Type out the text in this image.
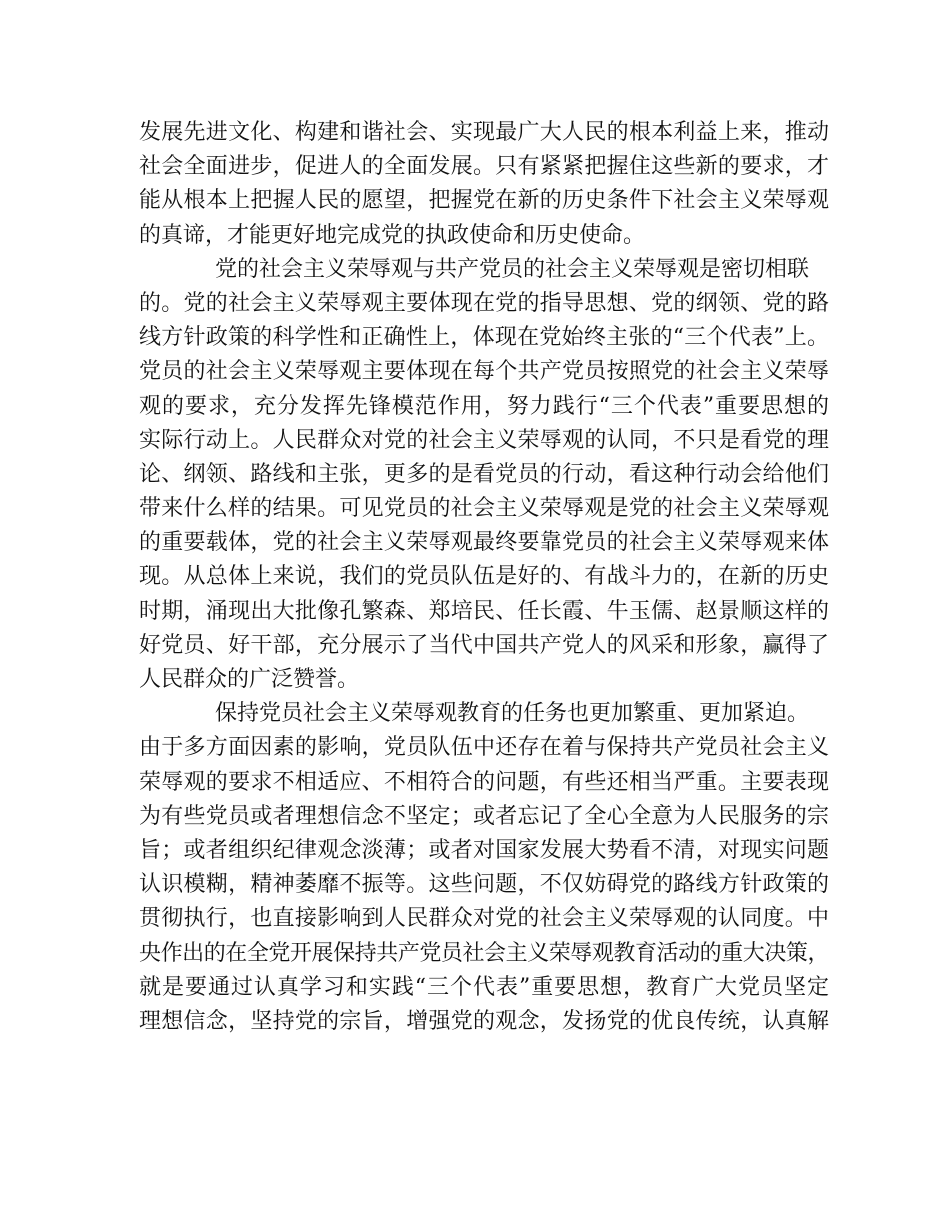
发展先进文化、构建和谐社会、实现最广大人民的根本利益上来，推动
社会全面进步，促进人的全面发展。只有紧紧把握住这些新的要求，才
能从根本上把握人民的愿望，把握党在新的历史条件下社会主义荣辱观
的真谛，才能更好地完成党的执政使命和历史使命。
党的社会主义荣辱观与共产党员的社会主义荣辱观是密切相联
的。党的社会主义荣辱观主要体现在党的指导思想、党的纲领、党的路
线方针政策的科学性和正确性上，体现在党始终主张的“三个代表”上。
党员的社会主义荣辱观主要体现在每个共产党员按照党的社会主义荣辱
观的要求，充分发挥先锋模范作用，努力践行“三个代表”重要思想的
实际行动上。人民群众对党的社会主义荣辱观的认同，不只是看党的理
论、纲领、路线和主张，更多的是看党员的行动，看这种行动会给他们
带来什么样的结果。可见党员的社会主义荣辱观是党的社会主义荣辱观
的重要载体，党的社会主义荣辱观最终要靠党员的社会主义荣辱观来体
现。从总体上来说，我们的党员队伍是好的、有战斗力的，在新的历史
时期，涌现出大批像孔繁森、郑培民、任长霞、牛玉儒、赵景顺这样的
好党员、好干部，充分展示了当代中国共产党人的风采和形象，赢得了
人民群众的广泛赞誉。
保持党员社会主义荣辱观教育的任务也更加繁重、更加紧迫。
由于多方面因素的影响，党员队伍中还存在着与保持共产党员社会主义
荣辱观的要求不相适应、不相符合的问题，有些还相当严重。主要表现
为有些党员或者理想信念不坚定；或者忘记了全心全意为人民服务的宗
旨；或者组织纪律观念淡薄；或者对国家发展大势看不清，对现实问题
认识模糊，精神萎靡不振等。这些问题，不仅妨碍党的路线方针政策的
贯彻执行，也直接影响到人民群众对党的社会主义荣辱观的认同度。中
央作出的在全党开展保持共产党员社会主义荣辱观教育活动的重大决策，
就是要通过认真学习和实践“三个代表”重要思想，教育广大党员坚定
理想信念，坚持党的宗旨，增强党的观念，发扬党的优良传统，认真解
